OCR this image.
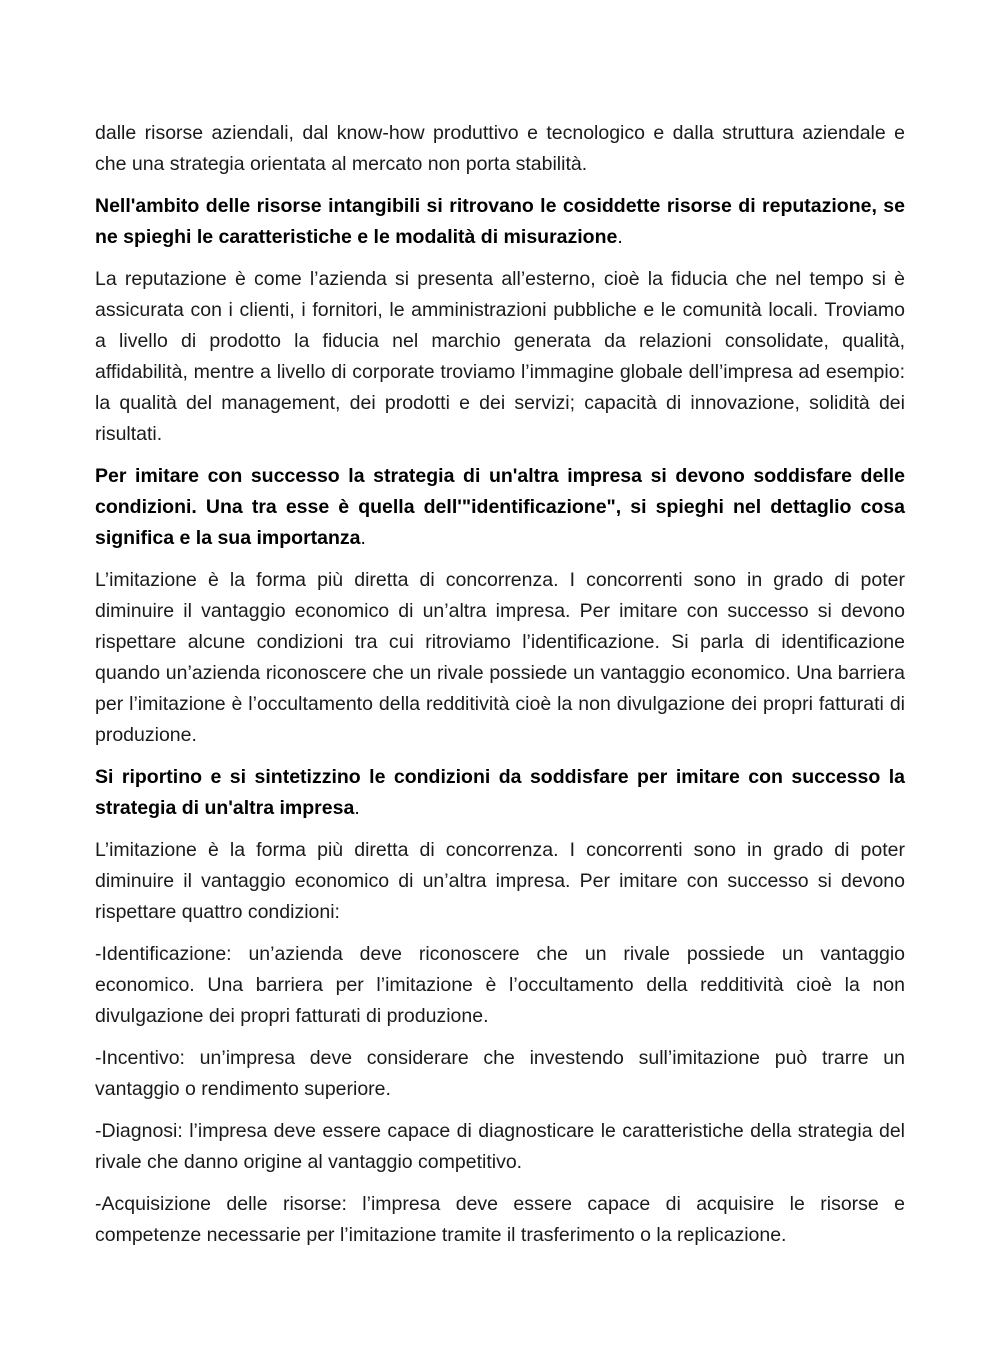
dalle risorse aziendali, dal know-how produttivo e tecnologico e dalla struttura aziendale e che una strategia orientata al mercato non porta stabilità.

Nell'ambito delle risorse intangibili si ritrovano le cosiddette risorse di reputazione, se ne spieghi le caratteristiche e le modalità di misurazione.

La reputazione è come l’azienda si presenta all’esterno, cioè la fiducia che nel tempo si è assicurata con i clienti, i fornitori, le amministrazioni pubbliche e le comunità locali. Troviamo a livello di prodotto la fiducia nel marchio generata da relazioni consolidate, qualità, affidabilità, mentre a livello di corporate troviamo l’immagine globale dell’impresa ad esempio: la qualità del management, dei prodotti e dei servizi; capacità di innovazione, solidità dei risultati.

Per imitare con successo la strategia di un'altra impresa si devono soddisfare delle condizioni. Una tra esse è quella dell'"identificazione", si spieghi nel dettaglio cosa significa e la sua importanza.

L’imitazione è la forma più diretta di concorrenza. I concorrenti sono in grado di poter diminuire il vantaggio economico di un’altra impresa. Per imitare con successo si devono rispettare alcune condizioni tra cui ritroviamo l’identificazione. Si parla di identificazione quando un’azienda riconoscere che un rivale possiede un vantaggio economico. Una barriera per l’imitazione è l’occultamento della redditività cioè la non divulgazione dei propri fatturati di produzione.

Si riportino e si sintetizzino le condizioni da soddisfare per imitare con successo la strategia di un'altra impresa.

L’imitazione è la forma più diretta di concorrenza. I concorrenti sono in grado di poter diminuire il vantaggio economico di un’altra impresa. Per imitare con successo si devono rispettare quattro condizioni:

-Identificazione: un’azienda deve riconoscere che un rivale possiede un vantaggio economico. Una barriera per l’imitazione è l’occultamento della redditività cioè la non divulgazione dei propri fatturati di produzione.

-Incentivo: un’impresa deve considerare che investendo sull’imitazione può trarre un vantaggio o rendimento superiore.

-Diagnosi: l’impresa deve essere capace di diagnosticare le caratteristiche della strategia del rivale che danno origine al vantaggio competitivo.

-Acquisizione delle risorse: l’impresa deve essere capace di acquisire le risorse e competenze necessarie per l’imitazione tramite il trasferimento o la replicazione.
